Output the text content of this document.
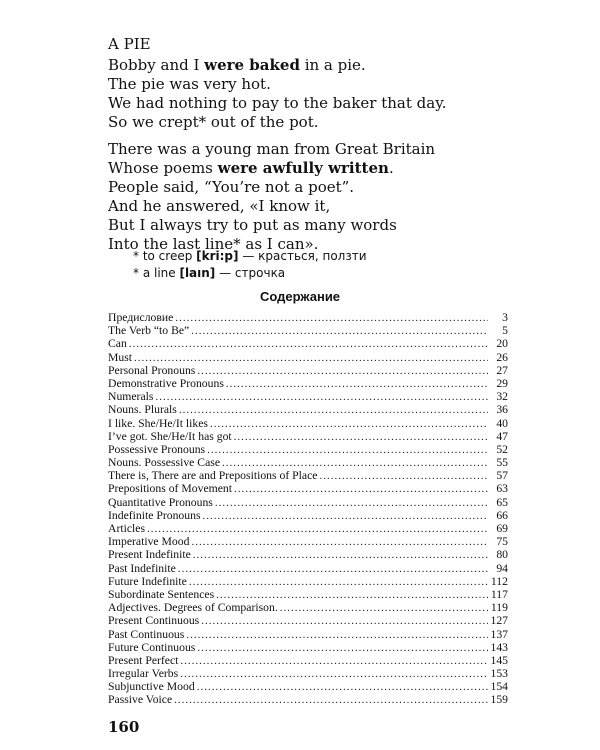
A PIE
Bobby and I were baked in a pie.
The pie was very hot.
We had nothing to pay to the baker that day.
So we crept* out of the pot.
There was a young man from Great Britain
Whose poems were awfully written.
People said, “You’re not a poet”.
And he answered, «I know it,
But I always try to put as many words
Into the last line* as I can».
* to creep [kri:p] — красться, ползти
* a line [laın] — строчка
Содержание
Предисловие .....	3
The Verb “to Be” .....	5
Can .....	20
Must .....	26
Personal Pronouns .....	27
Demonstrative Pronouns .....	29
Numerals .....	32
Nouns. Plurals .....	36
I like. She/He/It likes .....	40
I’ve got. She/He/It has got .....	47
Possessive Pronouns .....	52
Nouns. Possessive Case .....	55
There is, There are and Prepositions of Place .....	57
Prepositions of Movement .....	63
Quantitative Pronouns .....	65
Indefinite Pronouns .....	66
Articles .....	69
Imperative Mood .....	75
Present Indefinite .....	80
Past Indefinite .....	94
Future Indefinite .....	112
Subordinate Sentences .....	117
Adjectives. Degrees of Comparison. .....	119
Present Continuous .....	127
Past Continuous .....	137
Future Continuous .....	143
Present Perfect .....	145
Irregular Verbs .....	153
Subjunctive Mood .....	154
Passive Voice .....	159
160
